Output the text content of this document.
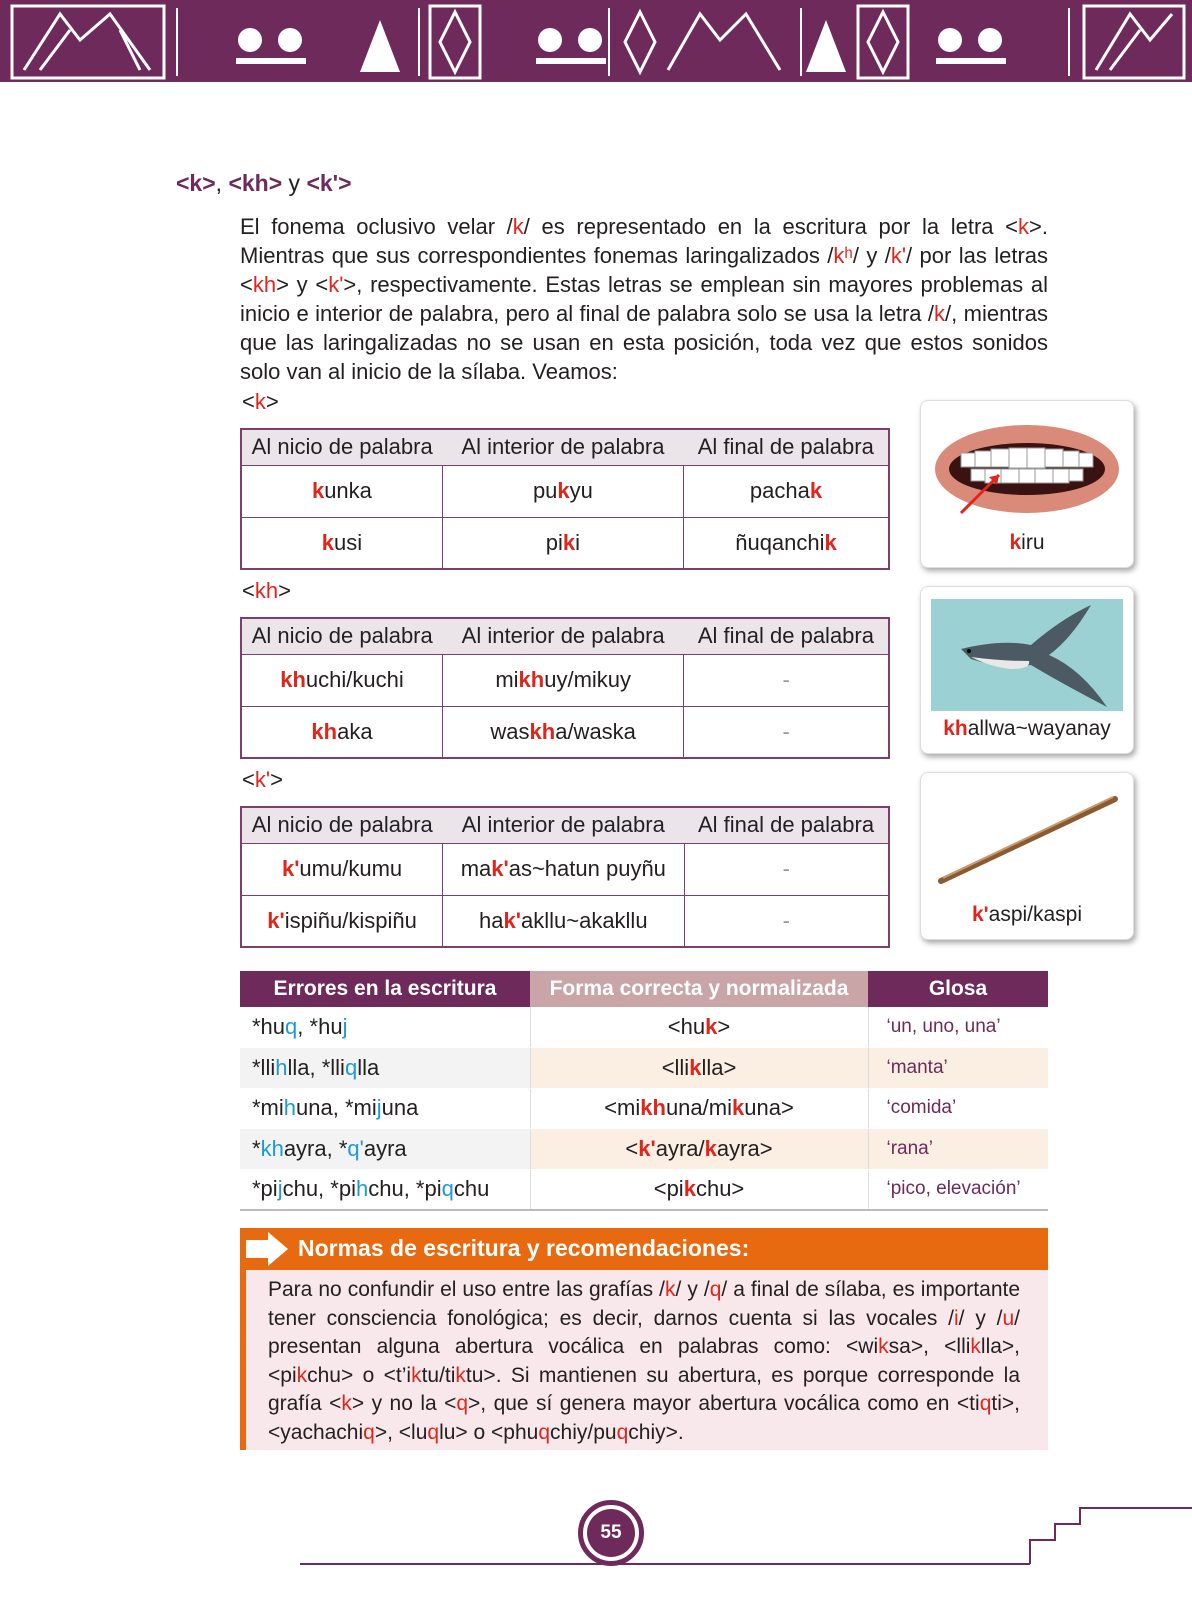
<k>, <kh> y <k'>

El fonema oclusivo velar /k/ es representado en la escritura por la letra <k>. Mientras que sus correspondientes fonemas laringalizados /kʰ/ y /k'/ por las letras <kh> y <k'>, respectivamente. Estas letras se emplean sin mayores problemas al inicio e interior de palabra, pero al final de palabra solo se usa la letra /k/, mientras que las laringalizadas no se usan en esta posición, toda vez que estos sonidos solo van al inicio de la sílaba. Veamos:

<k>
Al nicio de palabra	Al interior de palabra	Al final de palabra
kunka	pukyu	pachak
kusi	piki	ñuqanchik
<kh>
Al nicio de palabra	Al interior de palabra	Al final de palabra
khuchi/kuchi	mikhuy/mikuy	-
khaka	waskha/waska	-
<k'>
Al nicio de palabra	Al interior de palabra	Al final de palabra
k'umu/kumu	mak'as~hatun puyñu	-
k'ispiñu/kispiñu	hak'akllu~akakllu	-
kiru
khallwa~wayanay
k'aspi/kaspi
Errores en la escritura	Forma correcta y normalizada	Glosa
*huq, *huj	<huk>	‘un, uno, una’
*llihlla, *lliqlla	<lliklla>	‘manta’
*mihuna, *mijuna	<mikhuna/mikuna>	‘comida’
*khayra, *q'ayra	<k'ayra/kayra>	‘rana’
*pijchu, *pihchu, *piqchu	<pikchu>	‘pico, elevación’
Normas de escritura y recomendaciones:

Para no confundir el uso entre las grafías /k/ y /q/ a final de sílaba, es importante tener consciencia fonológica; es decir, darnos cuenta si las vocales /i/ y /u/ presentan alguna abertura vocálica en palabras como: <wiksa>, <lliklla>, <pikchu> o <t’iktu/tiktu>. Si mantienen su abertura, es porque corresponde la grafía <k> y no la <q>, que sí genera mayor abertura vocálica como en <tiqti>, <yachachiq>, <luqlu> o <phuqchiy/puqchiy>.

55
